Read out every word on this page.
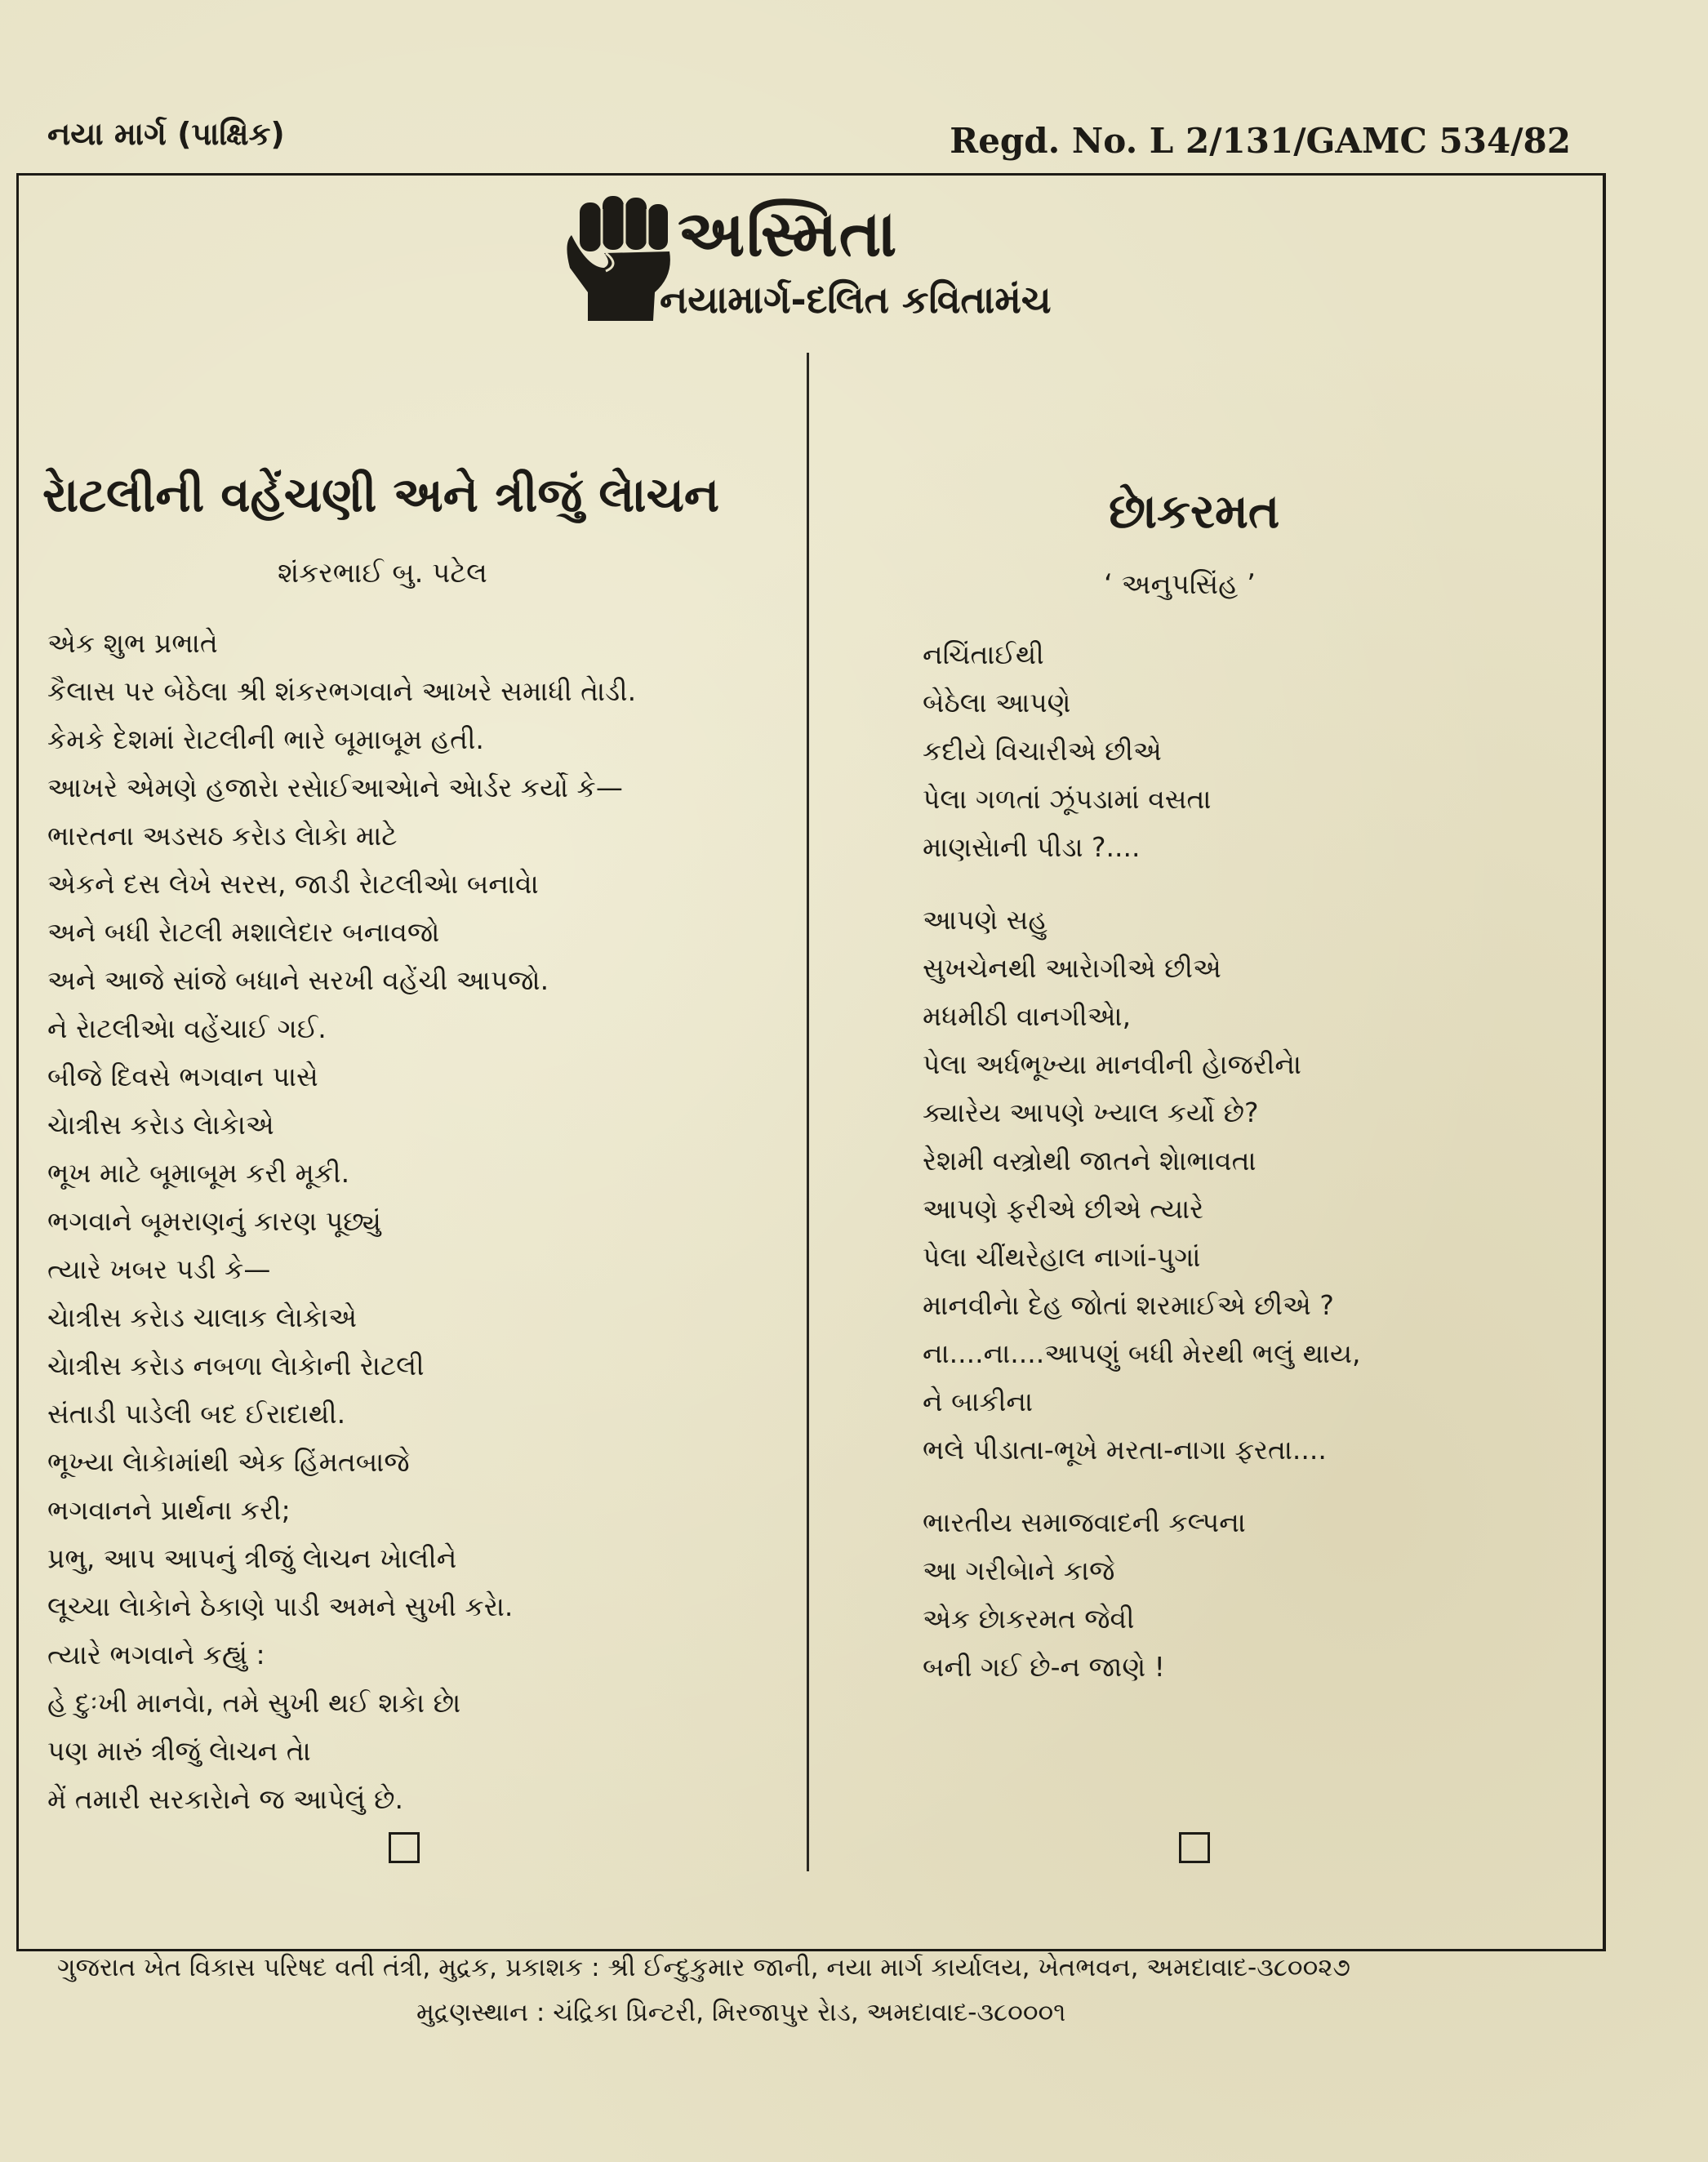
નયા માર્ગ (પાક્ષિક)	Regd. No. L 2/131/GAMC 534/82
અસ્મિતા
નયામાર્ગ-દલિત કવિતામંચ
રેાટલીની વહેંચણી અને ત્રીજું લેાચન
શંકરભાઈ બુ. પટેલ
એક શુભ પ્રભાતે
કૈલાસ પર બેઠેલા શ્રી શંકરભગવાને આખરે સમાધી તેાડી.
કેમકે દેશમાં રેાટલીની ભારે બૂમાબૂમ હતી.
આખરે એમણે હજારેા રસેાઈઆએાને એાર્ડર કર્યો કે—
ભારતના અડસઠ કરેાડ લેાકેા માટે
એકને દસ લેખે સરસ, જાડી રેાટલીએા બનાવેા
અને બધી રેાટલી મશાલેદાર બનાવજો
અને આજે સાંજે બધાને સરખી વહેંચી આપજો.
ને રેાટલીએા વહેંચાઈ ગઈ.
બીજે દિવસે ભગવાન પાસે
ચેાત્રીસ કરેાડ લેાકેાએ
ભૂખ માટે બૂમાબૂમ કરી મૂકી.
ભગવાને બૂમરાણનું કારણ પૂછ્યું
ત્યારે ખબર પડી કે—
ચેાત્રીસ કરેાડ ચાલાક લેાકેાએ
ચેાત્રીસ કરેાડ નબળા લેાકેાની રેાટલી
સંતાડી પાડેલી બદ ઈરાદાથી.
ભૂખ્યા લેાકેામાંથી એક હિંમતબાજે
ભગવાનને પ્રાર્થના કરી;
પ્રભુ, આપ આપનું ત્રીજું લેાચન ખેાલીને
લૂચ્ચા લેાકેાને ઠેકાણે પાડી અમને સુખી કરેા.
ત્યારે ભગવાને કહ્યું :
હે દુઃખી માનવેા, તમે સુખી થઈ શકેા છેા
પણ મારું ત્રીજું લેાચન તેા
મેં તમારી સરકારેાને જ આપેલું છે.
છેાકરમત
‘ અનુપસિંહ ’
નચિંતાઈથી
બેઠેલા આપણે
કદીયે વિચારીએ છીએ
પેલા ગળતાં ઝૂંપડામાં વસતા
માણસેાની પીડા ?....
આપણે સહુ
સુખચેનથી આરેાગીએ છીએ
મધમીઠી વાનગીએા,
પેલા અર્ધભૂખ્યા માનવીની હેાજરીનેા
ક્યારેય આપણે ખ્યાલ કર્યો છે?
રેશમી વસ્ત્રોથી જાતને શેાભાવતા
આપણે ફરીએ છીએ ત્યારે
પેલા ચીંથરેહાલ નાગાં-પુગાં
માનવીનેા દેહ જોતાં શરમાઈએ છીએ ?
ના....ના....આપણું બધી મેરથી ભલું થાય,
ને બાકીના
ભલે પીડાતા-ભૂખે મરતા-નાગા ફરતા....
ભારતીય સમાજવાદની કલ્પના
આ ગરીબેાને કાજે
એક છેાકરમત જેવી
બની ગઈ છે-ન જાણે !
ગુજરાત ખેત વિકાસ પરિષદ વતી તંત્રી, મુદ્રક, પ્રકાશક : શ્રી ઈન્દુકુમાર જાની, નયા માર્ગ કાર્યાલય, ખેતભવન, અમદાવાદ-૩૮૦૦૨૭
મુદ્રણસ્થાન : ચંદ્રિકા પ્રિન્ટરી, મિરજાપુર રેાડ, અમદાવાદ-૩૮૦૦૦૧
